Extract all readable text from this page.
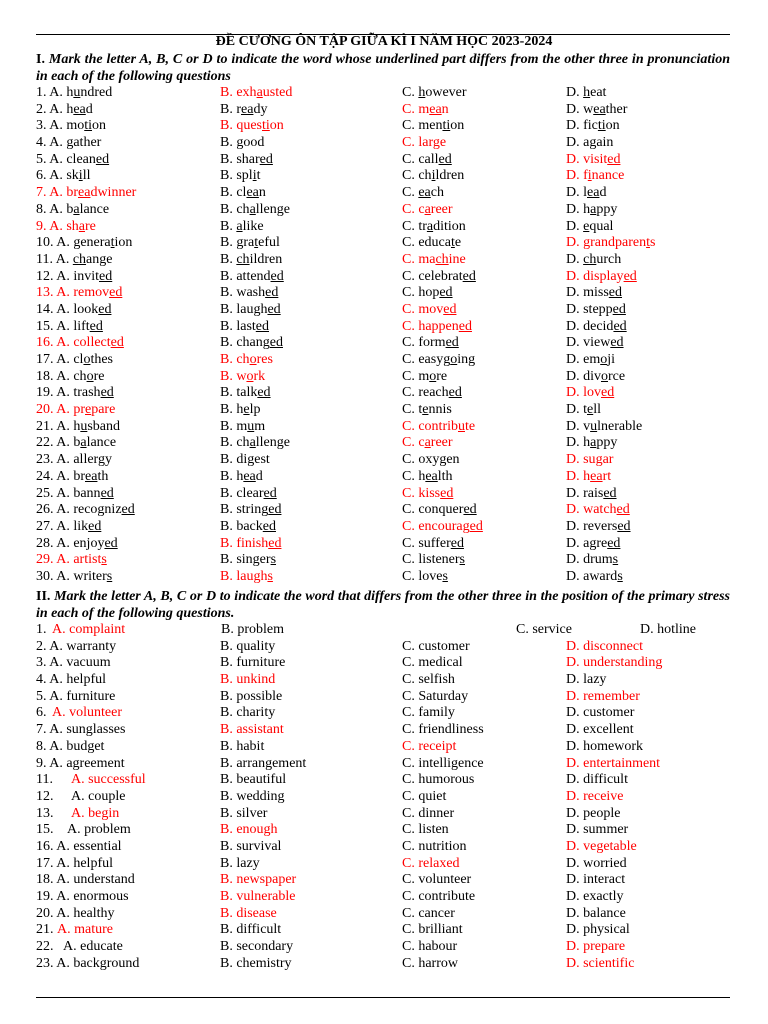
ĐỀ CƯƠNG ÔN TẬP GIỮA KÌ I NĂM HỌC 2023-2024
I. Mark the letter A, B, C or D to indicate the word whose underlined part differs from the other three in pronunciation in each of the following questions
1. A. hundred	B. exhausted	C. however	D. heat
2. A. head	B. ready	C. mean	D. weather
3. A. motion	B. question	C. mention	D. fiction
4. A. gather	B. good	C. large	D. again
5. A. cleaned	B. shared	C. called	D. visited
6. A. skill	B. split	C. children	D. finance
7. A. breadwinner	B. clean	C. each	D. lead
8. A. balance	B. challenge	C. career	D. happy
9. A. share	B. alike	C. tradition	D. equal
10. A. generation	B. grateful	C. educate	D. grandparents
11. A. change	B. children	C. machine	D. church
12. A. invited	B. attended	C. celebrated	D. displayed
13. A. removed	B. washed	C. hoped	D. missed
14. A. looked	B. laughed	C. moved	D. stepped
15. A. lifted	B. lasted	C. happened	D. decided
16. A. collected	B. changed	C. formed	D. viewed
17. A. clothes	B. chores	C. easygoing	D. emoji
18. A. chore	B. work	C. more	D. divorce
19. A. trashed	B. talked	C. reached	D. loved
20. A. prepare	B. help	C. tennis	D. tell
21. A. husband	B. mum	C. contribute	D. vulnerable
22. A. balance	B. challenge	C. career	D. happy
23. A. allergy	B. digest	C. oxygen	D. sugar
24. A. breath	B. head	C. health	D. heart
25. A. banned	B. cleared	C. kissed	D. raised
26. A. recognized	B. stringed	C. conquered	D. watched
27. A. liked	B. backed	C. encouraged	D. reversed
28. A. enjoyed	B. finished	C. suffered	D. agreed
29. A. artists	B. singers	C. listeners	D. drums
30. A. writers	B. laughs	C. loves	D. awards
II. Mark the letter A, B, C or D to indicate the word that differs from the other three in the position of the primary stress in each of the following questions.
1. A. complaint	B. problem	C. service	D. hotline
2. A. warranty	B. quality	C. customer	D. disconnect
3. A. vacuum	B. furniture	C. medical	D. understanding
4. A. helpful	B. unkind	C. selfish	D. lazy
5. A. furniture	B. possible	C. Saturday	D. remember
6. A. volunteer	B. charity	C. family	D. customer
7. A. sunglasses	B. assistant	C. friendliness	D. excellent
8. A. budget	B. habit	C. receipt	D. homework
9. A. agreement	B. arrangement	C. intelligence	D. entertainment
11. A. successful	B. beautiful	C. humorous	D. difficult
12. A. couple	B. wedding	C. quiet	D. receive
13. A. begin	B. silver	C. dinner	D. people
15. A. problem	B. enough	C. listen	D. summer
16. A. essential	B. survival	C. nutrition	D. vegetable
17. A. helpful	B. lazy	C. relaxed	D. worried
18. A. understand	B. newspaper	C. volunteer	D. interact
19. A. enormous	B. vulnerable	C. contribute	D. exactly
20. A. healthy	B. disease	C. cancer	D. balance
21. A. mature	B. difficult	C. brilliant	D. physical
22. A. educate	B. secondary	C. habour	D. prepare
23. A. background	B. chemistry	C. harrow	D. scientific
